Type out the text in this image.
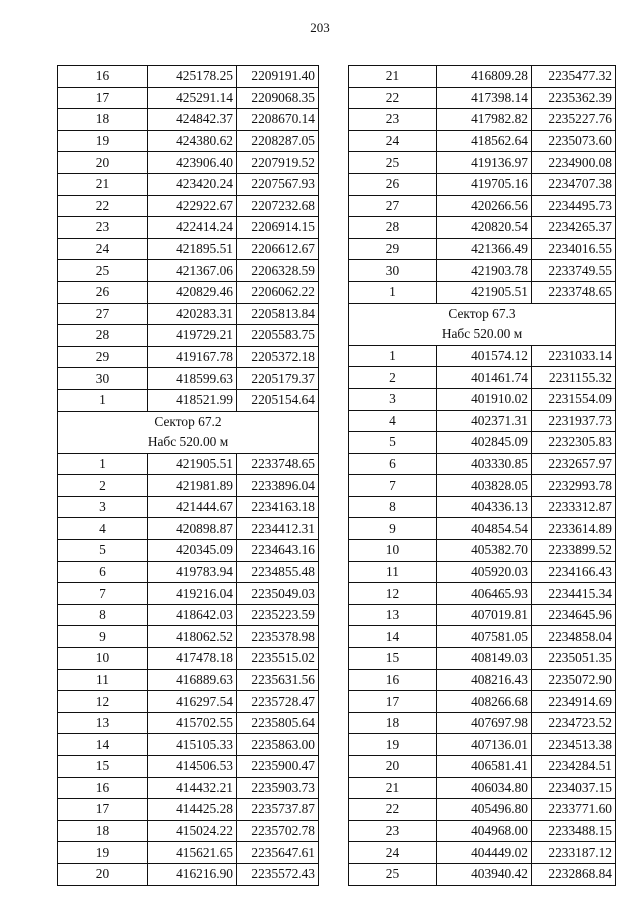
203
16	425178.25	2209191.40
17	425291.14	2209068.35
18	424842.37	2208670.14
19	424380.62	2208287.05
20	423906.40	2207919.52
21	423420.24	2207567.93
22	422922.67	2207232.68
23	422414.24	2206914.15
24	421895.51	2206612.67
25	421367.06	2206328.59
26	420829.46	2206062.22
27	420283.31	2205813.84
28	419729.21	2205583.75
29	419167.78	2205372.18
30	418599.63	2205179.37
1	418521.99	2205154.64
Сектор 67.2		
Набс 520.00 м		
1	421905.51	2233748.65
2	421981.89	2233896.04
3	421444.67	2234163.18
4	420898.87	2234412.31
5	420345.09	2234643.16
6	419783.94	2234855.48
7	419216.04	2235049.03
8	418642.03	2235223.59
9	418062.52	2235378.98
10	417478.18	2235515.02
11	416889.63	2235631.56
12	416297.54	2235728.47
13	415702.55	2235805.64
14	415105.33	2235863.00
15	414506.53	2235900.47
16	414432.21	2235903.73
17	414425.28	2235737.87
18	415024.22	2235702.78
19	415621.65	2235647.61
20	416216.90	2235572.43
21	416809.28	2235477.32
22	417398.14	2235362.39
23	417982.82	2235227.76
24	418562.64	2235073.60
25	419136.97	2234900.08
26	419705.16	2234707.38
27	420266.56	2234495.73
28	420820.54	2234265.37
29	421366.49	2234016.55
30	421903.78	2233749.55
1	421905.51	2233748.65
Сектор 67.3		
Набс 520.00 м		
1	401574.12	2231033.14
2	401461.74	2231155.32
3	401910.02	2231554.09
4	402371.31	2231937.73
5	402845.09	2232305.83
6	403330.85	2232657.97
7	403828.05	2232993.78
8	404336.13	2233312.87
9	404854.54	2233614.89
10	405382.70	2233899.52
11	405920.03	2234166.43
12	406465.93	2234415.34
13	407019.81	2234645.96
14	407581.05	2234858.04
15	408149.03	2235051.35
16	408216.43	2235072.90
17	408266.68	2234914.69
18	407697.98	2234723.52
19	407136.01	2234513.38
20	406581.41	2234284.51
21	406034.80	2234037.15
22	405496.80	2233771.60
23	404968.00	2233488.15
24	404449.02	2233187.12
25	403940.42	2232868.84
